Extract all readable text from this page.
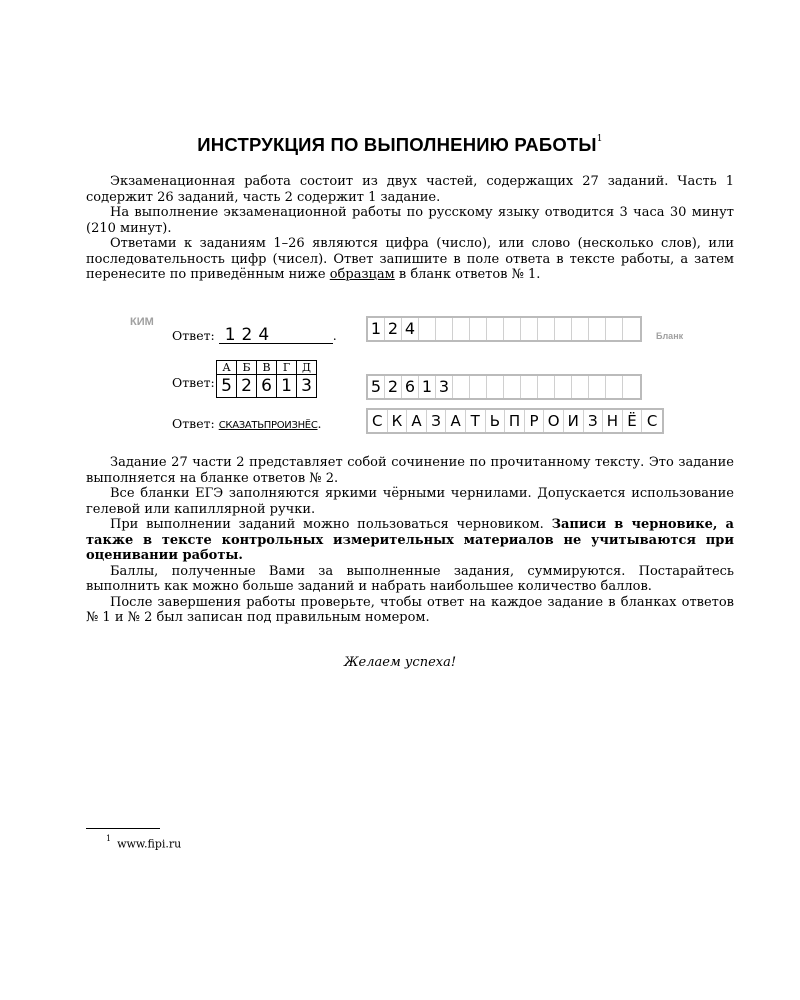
ИНСТРУКЦИЯ ПО ВЫПОЛНЕНИЮ РАБОТЫ$^1$

Экзаменационная работа состоит из двух частей, содержащих 27 заданий. Часть 1 содержит 26 заданий, часть 2 содержит 1 задание.

На выполнение экзаменационной работы по русскому языку отводится 3 часа 30 минут (210 минут).

Ответами к заданиям 1–26 являются цифра (число), или слово (несколько слов), или последовательность цифр (чисел). Ответ запишите в поле ответа в тексте работы, а затем перенесите по приведённым ниже образцам в бланк ответов № 1.

КИМ
Бланк
Ответ: 124	.
Ответ:
А	Б	В	Г	Д
5	2	6	1	3
Ответ: СКАЗАТЬПРОИЗНЁС.
1 2 4
5 2 6 1 3
С К А З А Т Ь П Р О И З Н Ё С

Задание 27 части 2 представляет собой сочинение по прочитанному тексту. Это задание выполняется на бланке ответов № 2.

Все бланки ЕГЭ заполняются яркими чёрными чернилами. Допускается использование гелевой или капиллярной ручки.

При выполнении заданий можно пользоваться черновиком. Записи в черновике, а также в тексте контрольных измерительных материалов не учитываются при оценивании работы.

Баллы, полученные Вами за выполненные задания, суммируются. Постарайтесь выполнить как можно больше заданий и набрать наибольшее количество баллов.

После завершения работы проверьте, чтобы ответ на каждое задание в бланках ответов № 1 и № 2 был записан под правильным номером.

Желаем успеха!
$^1$ www.fipi.ru
